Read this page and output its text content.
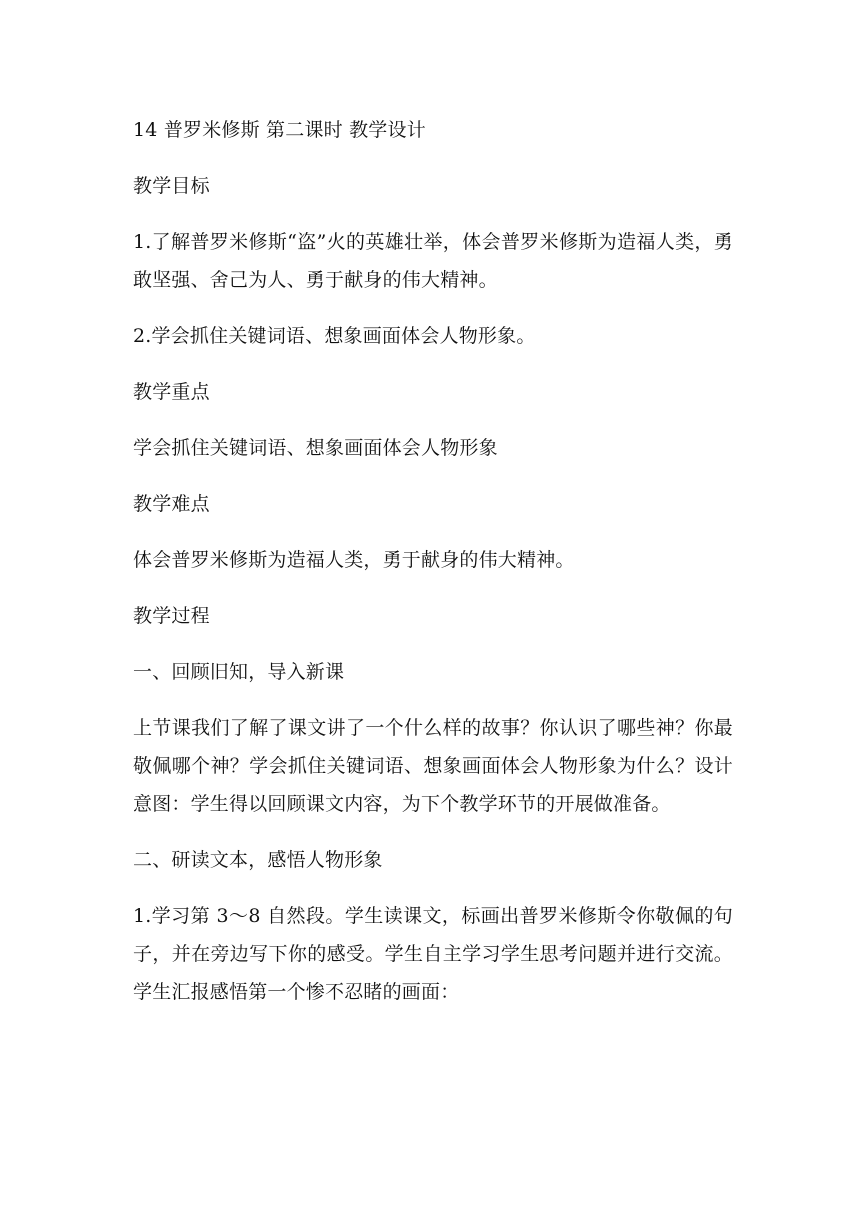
14 普罗米修斯 第二课时 教学设计

教学目标

1.了解普罗米修斯“盗”火的英雄壮举，体会普罗米修斯为造福人类，勇敢坚强、舍己为人、勇于献身的伟大精神。

2.学会抓住关键词语、想象画面体会人物形象。

教学重点

学会抓住关键词语、想象画面体会人物形象

教学难点

体会普罗米修斯为造福人类，勇于献身的伟大精神。

教学过程

一、回顾旧知，导入新课

上节课我们了解了课文讲了一个什么样的故事？你认识了哪些神？你最敬佩哪个神？学会抓住关键词语、想象画面体会人物形象为什么？设计意图：学生得以回顾课文内容，为下个教学环节的开展做准备。

二、研读文本，感悟人物形象

1.学习第 3～8 自然段。学生读课文，标画出普罗米修斯令你敬佩的句子，并在旁边写下你的感受。学生自主学习学生思考问题并进行交流。学生汇报感悟第一个惨不忍睹的画面：
